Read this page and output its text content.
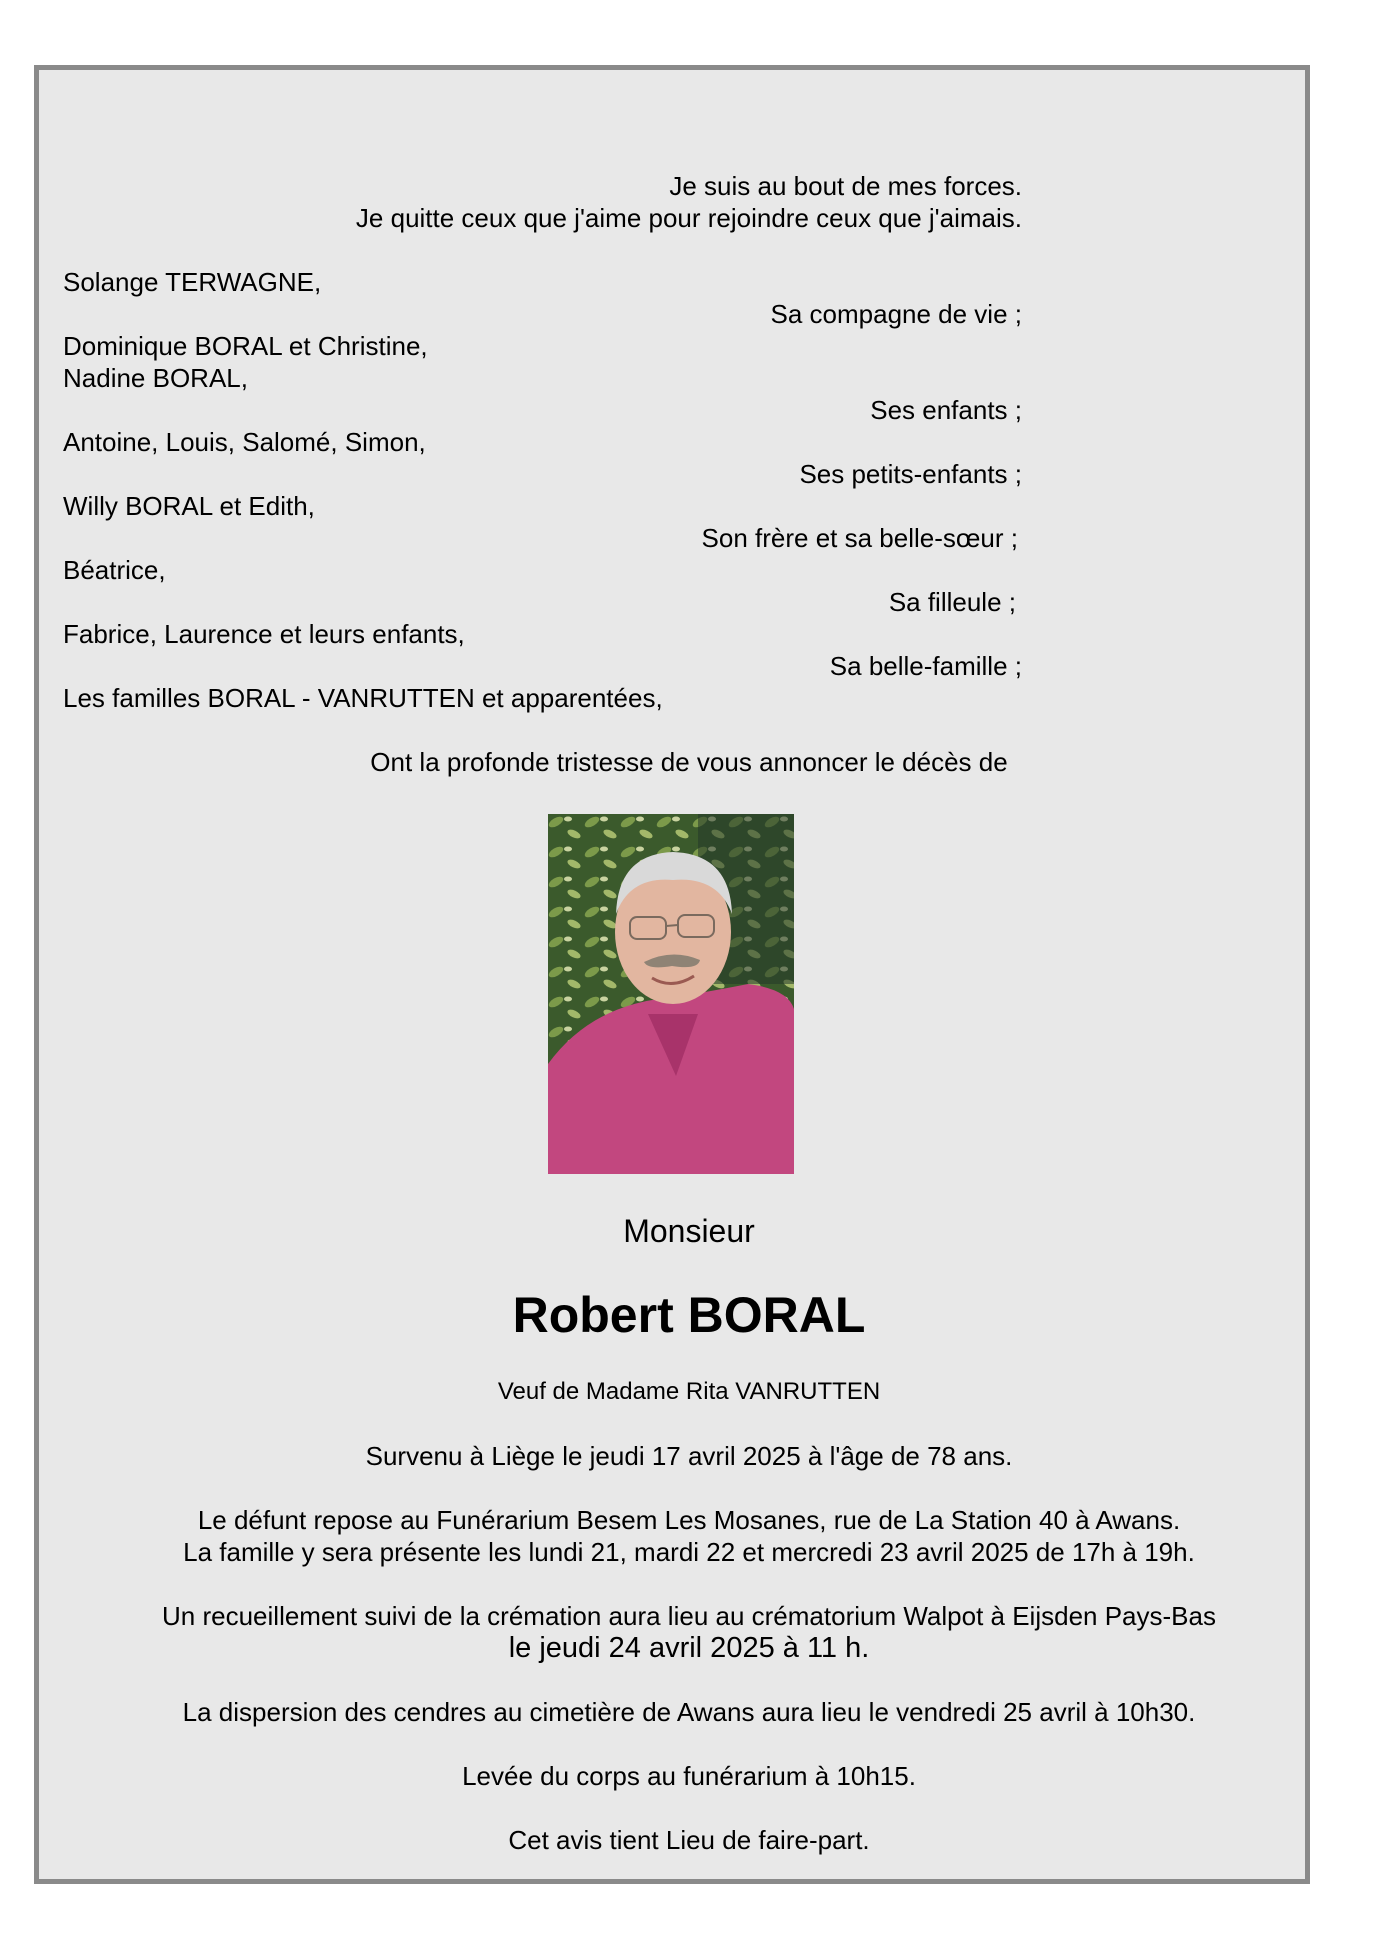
Je suis au bout de mes forces.
Je quitte ceux que j'aime pour rejoindre ceux que j'aimais.
Solange TERWAGNE,
Sa compagne de vie ;
Dominique BORAL et Christine,
Nadine BORAL,
Ses enfants ;
Antoine, Louis, Salomé, Simon,
Ses petits-enfants ;
Willy BORAL et Edith,
Son frère et sa belle-sœur ;
Béatrice,
Sa filleule ;
Fabrice, Laurence et leurs enfants,
Sa belle-famille ;
Les familles BORAL - VANRUTTEN et apparentées,
Ont la profonde tristesse de vous annoncer le décès de
Monsieur
Robert BORAL
Veuf de Madame Rita VANRUTTEN
Survenu à Liège le jeudi 17 avril 2025 à l'âge de 78 ans.
Le défunt repose au Funérarium Besem Les Mosanes, rue de La Station 40 à Awans.
La famille y sera présente les lundi 21, mardi 22 et mercredi 23 avril 2025 de 17h à 19h.
Un recueillement suivi de la crémation aura lieu au crématorium Walpot à Eijsden Pays-Bas
le jeudi 24 avril 2025 à 11 h.
La dispersion des cendres au cimetière de Awans aura lieu le vendredi 25 avril à 10h30.
Levée du corps au funérarium à 10h15.
Cet avis tient Lieu de faire-part.
